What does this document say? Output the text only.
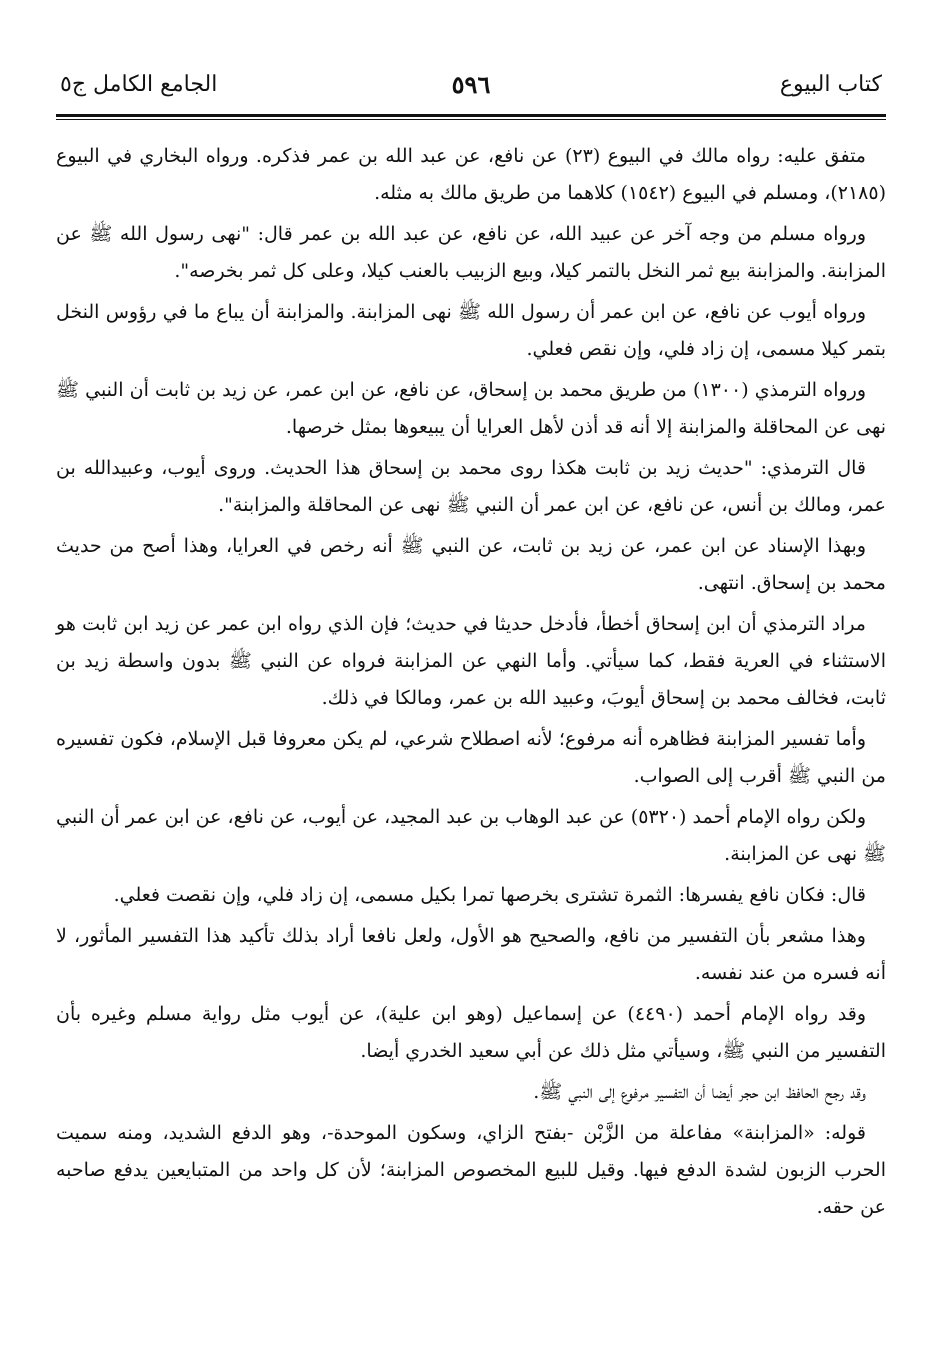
كتاب البيوع
٥٩٦
الجامع الكامل ج٥

متفق عليه: رواه مالك في البيوع (٢٣) عن نافع، عن عبد الله بن عمر فذكره. ورواه البخاري في البيوع (٢١٨٥)، ومسلم في البيوع (١٥٤٢) كلاهما من طريق مالك به مثله.

ورواه مسلم من وجه آخر عن عبيد الله، عن نافع، عن عبد الله بن عمر قال: "نهى رسول الله ﷺ عن المزابنة. والمزابنة بيع ثمر النخل بالتمر كيلا، وبيع الزبيب بالعنب كيلا، وعلى كل ثمر بخرصه".

ورواه أيوب عن نافع، عن ابن عمر أن رسول الله ﷺ نهى المزابنة. والمزابنة أن يباع ما في رؤوس النخل بتمر كيلا مسمى، إن زاد فلي، وإن نقص فعلي.

ورواه الترمذي (١٣٠٠) من طريق محمد بن إسحاق، عن نافع، عن ابن عمر، عن زيد بن ثابت أن النبي ﷺ نهى عن المحاقلة والمزابنة إلا أنه قد أذن لأهل العرايا أن يبيعوها بمثل خرصها.

قال الترمذي: "حديث زيد بن ثابت هكذا روى محمد بن إسحاق هذا الحديث. وروى أيوب، وعبيدالله بن عمر، ومالك بن أنس، عن نافع، عن ابن عمر أن النبي ﷺ نهى عن المحاقلة والمزابنة".

وبهذا الإسناد عن ابن عمر، عن زيد بن ثابت، عن النبي ﷺ أنه رخص في العرايا، وهذا أصح من حديث محمد بن إسحاق. انتهى.

مراد الترمذي أن ابن إسحاق أخطأ، فأدخل حديثا في حديث؛ فإن الذي رواه ابن عمر عن زيد ابن ثابت هو الاستثناء في العرية فقط، كما سيأتي. وأما النهي عن المزابنة فرواه عن النبي ﷺ بدون واسطة زيد بن ثابت، فخالف محمد بن إسحاق أيوبَ، وعبيد الله بن عمر، ومالكا في ذلك.

وأما تفسير المزابنة فظاهره أنه مرفوع؛ لأنه اصطلاح شرعي، لم يكن معروفا قبل الإسلام، فكون تفسيره من النبي ﷺ أقرب إلى الصواب.

ولكن رواه الإمام أحمد (٥٣٢٠) عن عبد الوهاب بن عبد المجيد، عن أيوب، عن نافع، عن ابن عمر أن النبي ﷺ نهى عن المزابنة.

قال: فكان نافع يفسرها: الثمرة تشترى بخرصها تمرا بكيل مسمى، إن زاد فلي، وإن نقصت فعلي.

وهذا مشعر بأن التفسير من نافع، والصحيح هو الأول، ولعل نافعا أراد بذلك تأكيد هذا التفسير المأثور، لا أنه فسره من عند نفسه.

وقد رواه الإمام أحمد (٤٤٩٠) عن إسماعيل (وهو ابن علية)، عن أيوب مثل رواية مسلم وغيره بأن التفسير من النبي ﷺ، وسيأتي مثل ذلك عن أبي سعيد الخدري أيضا.

وقد رجح الحافظ ابن حجر أيضا أن التفسير مرفوع إلى النبي ﷺ.

قوله: «المزابنة» مفاعلة من الزَّبْن -بفتح الزاي، وسكون الموحدة-، وهو الدفع الشديد، ومنه سميت الحرب الزبون لشدة الدفع فيها. وقيل للبيع المخصوص المزابنة؛ لأن كل واحد من المتبايعين يدفع صاحبه عن حقه.
